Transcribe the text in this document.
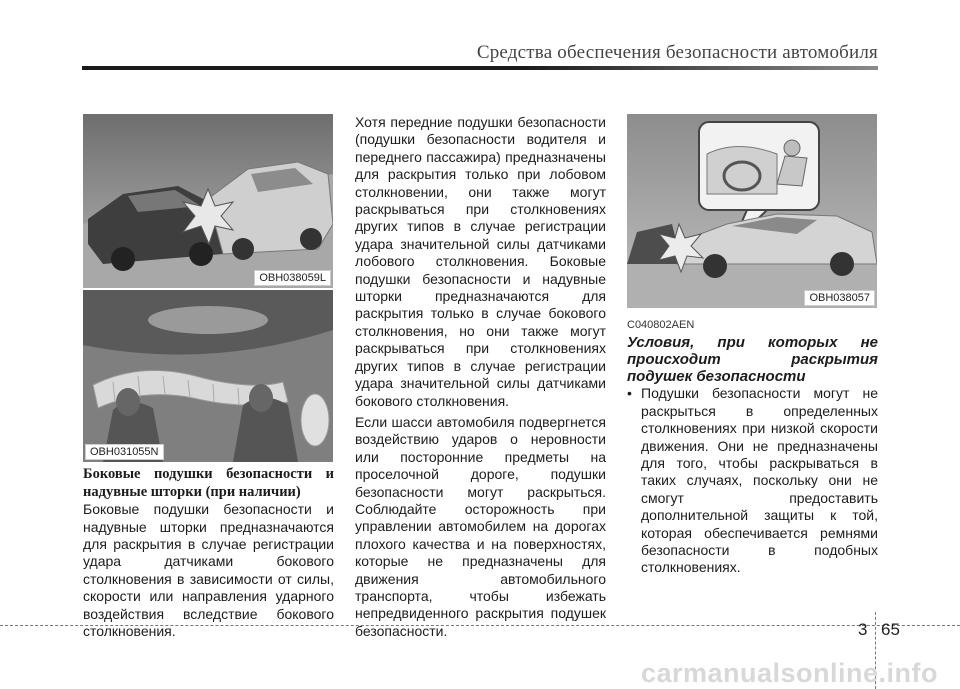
Средства обеспечения безопасности автомобиля
OBH038059L
OBH031055N
OBH038057

Боковые подушки безопасности и надувные шторки (при наличии)

Боковые подушки безопасности и надувные шторки предназначаются для раскрытия в случае регистрации удара датчиками бокового столкновения в зависимости от силы, скорости или направления ударного воздействия вследствие бокового столкновения.

Хотя передние подушки безопасности (подушки безопасности водителя и переднего пассажира) предназначены для раскрытия только при лобовом столкновении, они также могут раскрываться при столкновениях других типов в случае регистрации удара значительной силы датчиками лобового столкновения. Боковые подушки безопасности и надувные шторки предназначаются для раскрытия только в случае бокового столкновения, но они также могут раскрываться при столкновениях других типов в случае регистрации удара значительной силы датчиками бокового столкновения.

Если шасси автомобиля подвергнется воздействию ударов о неровности или посторонние предметы на проселочной дороге, подушки безопасности могут раскрыться. Соблюдайте осторожность при управлении автомобилем на дорогах плохого качества и на поверхностях, которые не предназначены для движения автомобильного транспорта, чтобы избежать непредвиденного раскрытия подушек безопасности.

C040802AEN

Условия, при которых не происходит раскрытия подушек безопасности

• Подушки безопасности могут не раскрыться в определенных столкновениях при низкой скорости движения. Они не предназначены для того, чтобы раскрываться в таких случаях, поскольку они не смогут предоставить дополнительной защиты к той, которая обеспечивается ремнями безопасности в подобных столкновениях.
3 65
carmanualsonline.info
